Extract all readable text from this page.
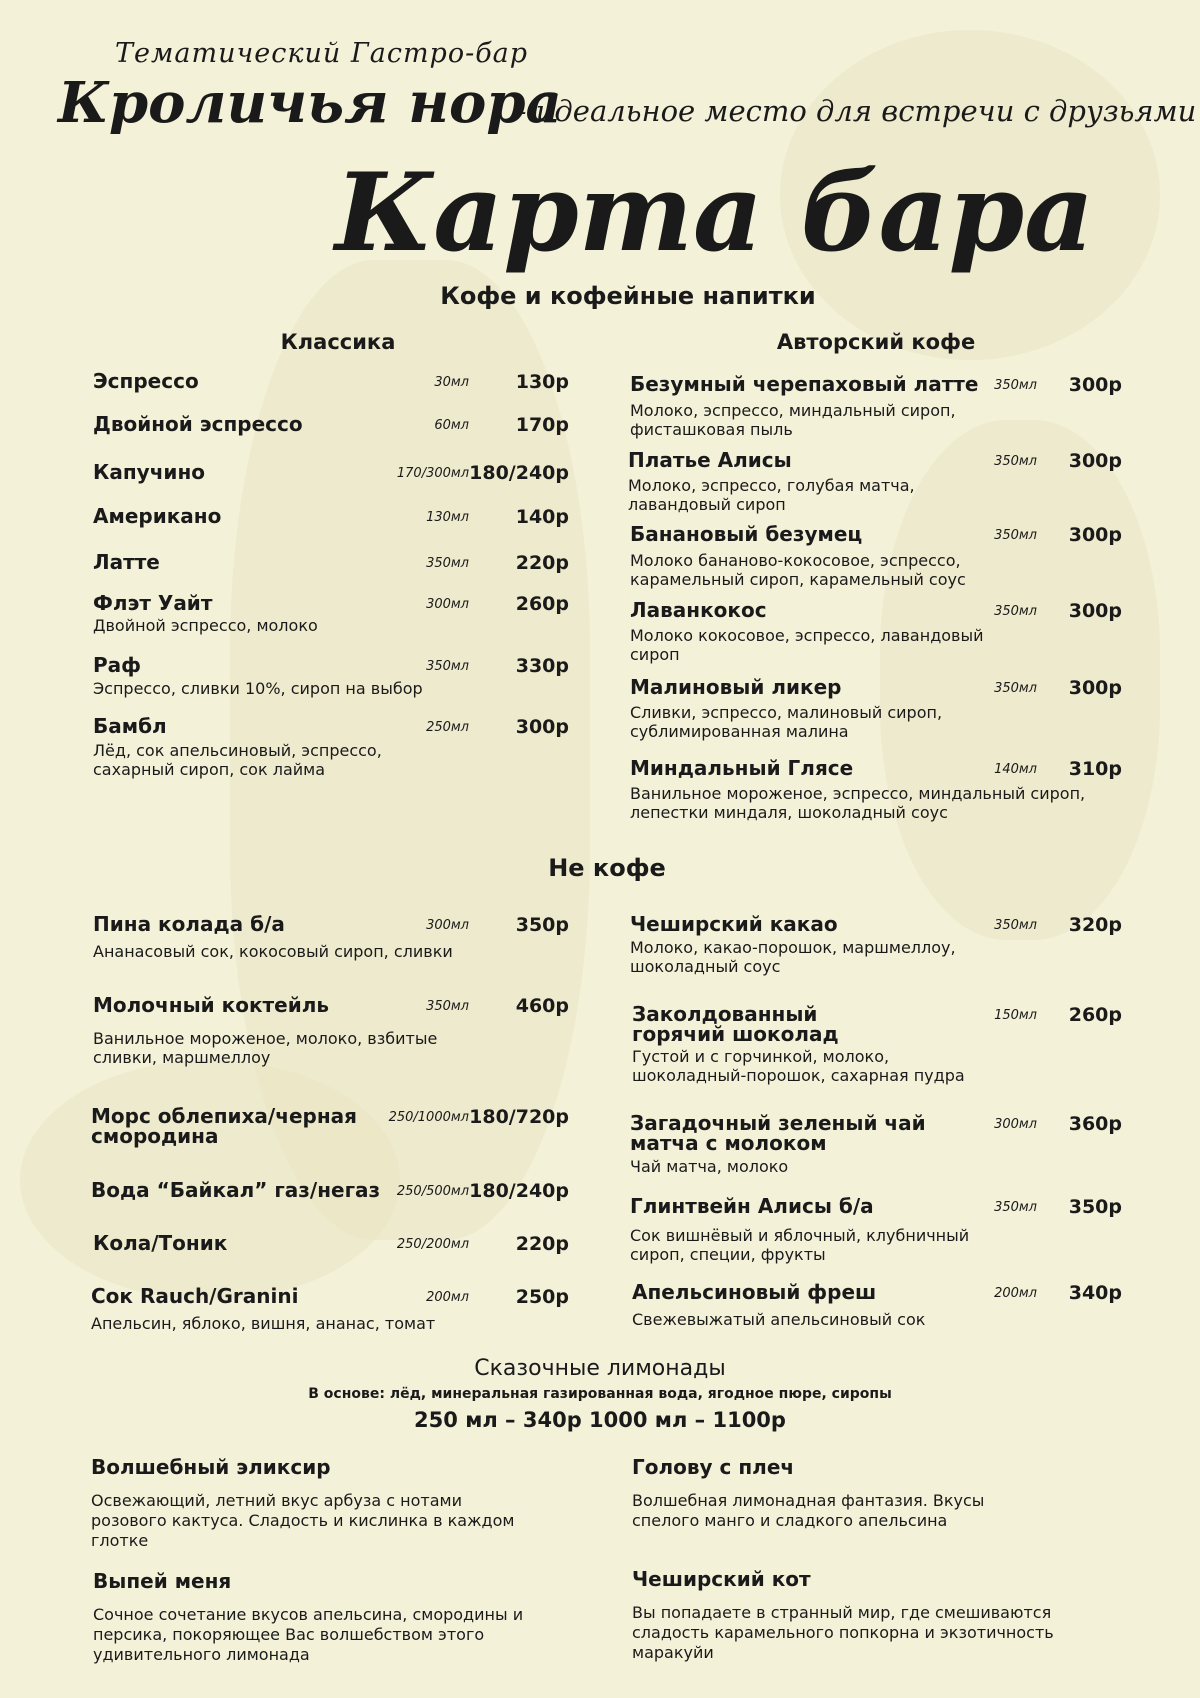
Тематический Гастро-бар
Кроличья нора
– идеальное место для встречи с друзьями
Карта бара
Кофе и кофейные напитки
Классика	Авторский кофе
Эспрессо	30мл 130р
Двойной эспрессо	60мл 170р
Капучино	170/300мл 180/240р
Американо	130мл 140р
Латте	350мл 220р
Флэт Уайт	300мл 260р
Двойной эспрессо, молоко
Раф	350мл 330р
Эспрессо, сливки 10%, сироп на выбор
Бамбл	250мл 300р
Лёд, сок апельсиновый, эспрессо, сахарный сироп, сок лайма
Безумный черепаховый латте 350мл 300р
Молоко, эспрессо, миндальный сироп, фисташковая пыль
Платье Алисы	350мл 300р
Молоко, эспрессо, голубая матча, лавандовый сироп
Банановый безумец	350мл 300р
Молоко бананово-кокосовое, эспрессо, карамельный сироп, карамельный соус
Лаванкокос	350мл 300р
Молоко кокосовое, эспрессо, лавандовый сироп
Малиновый ликер	350мл 300р
Сливки, эспрессо, малиновый сироп, сублимированная малина
Миндальный Глясе	140мл 310р
Ванильное мороженое, эспрессо, миндальный сироп, лепестки миндаля, шоколадный соус
Не кофе
Пина колада б/а	300мл 350р
Ананасовый сок, кокосовый сироп, сливки
Молочный коктейль	350мл 460р
Ванильное мороженое, молоко, взбитые сливки, маршмеллоу
Морс облепиха/черная смородина
250/1000мл 180/720р
Вода “Байкал” газ/негаз 250/500мл 180/240р
Кола/Тоник	250/200мл 220р
Сок Rauch/Granini	200мл 250р
Апельсин, яблоко, вишня, ананас, томат
Чеширский какао	350мл 320р
Молоко, какао-порошок, маршмеллоу, шоколадный соус
Заколдованный горячий шоколад
150мл 260р
Густой и с горчинкой, молоко, шоколадный-порошок, сахарная пудра
Загадочный зеленый чай матча с молоком
300мл 360р
Чай матча, молоко
Глинтвейн Алисы б/а	350мл 350р
Сок вишнёвый и яблочный, клубничный сироп, специи, фрукты
Апельсиновый фреш	200мл 340р
Свежевыжатый апельсиновый сок
Сказочные лимонады
В основе: лёд, минеральная газированная вода, ягодное пюре, сиропы
250 мл – 340р 1000 мл – 1100р
Волшебный эликсир
Освежающий, летний вкус арбуза с нотами розового кактуса. Сладость и кислинка в каждом глотке
Голову с плеч
Волшебная лимонадная фантазия. Вкусы спелого манго и сладкого апельсина
Выпей меня
Сочное сочетание вкусов апельсина, смородины и персика, покоряющее Вас волшебством этого удивительного лимонада
Чеширский кот
Вы попадаете в странный мир, где смешиваются сладость карамельного попкорна и экзотичность маракуйи
